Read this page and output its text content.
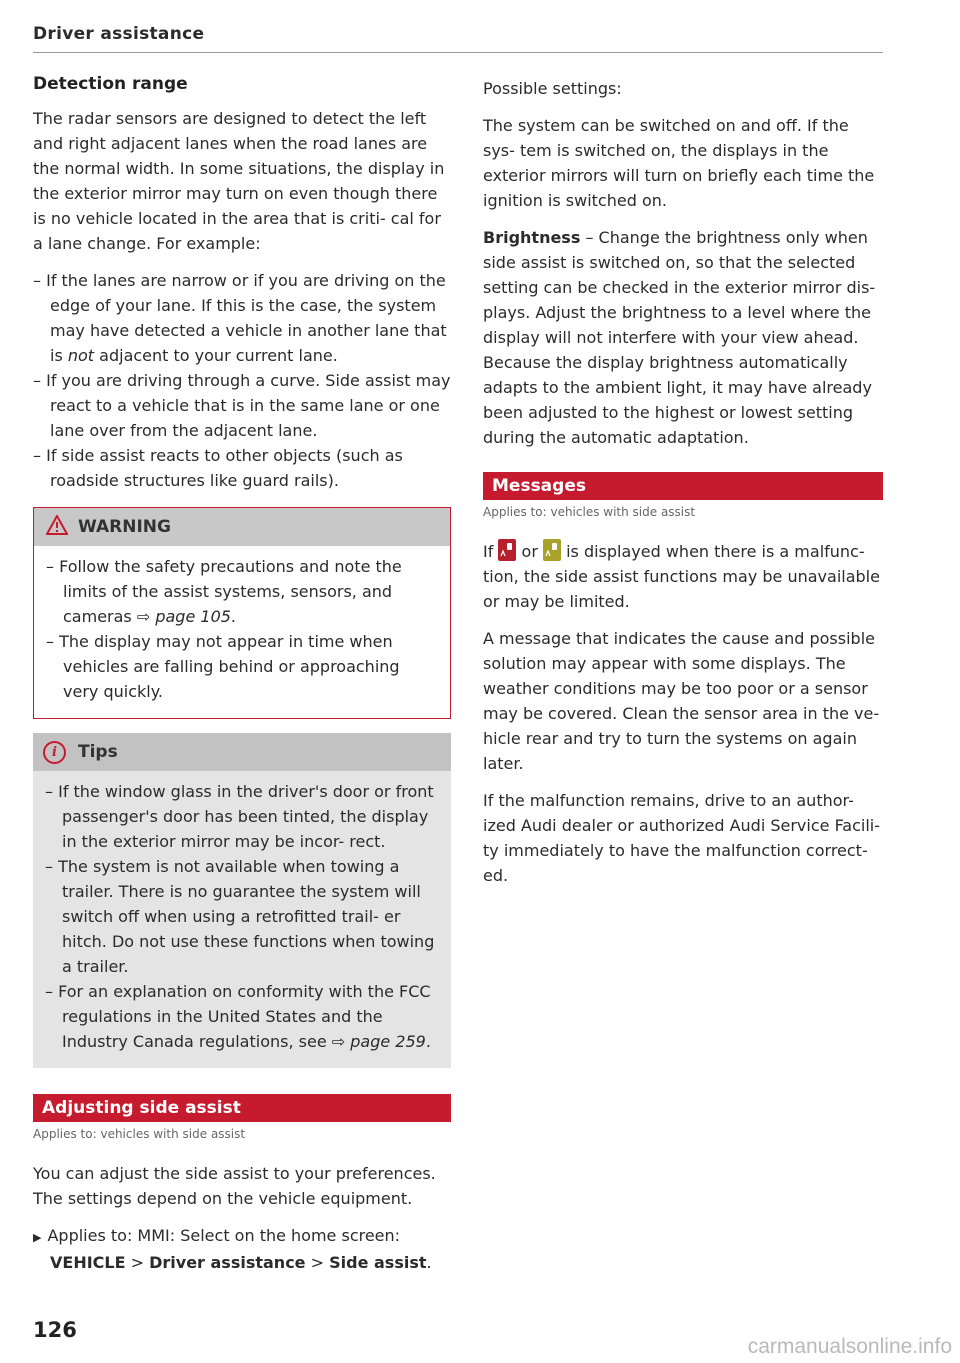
Driver assistance
Detection range

The radar sensors are designed to detect the left and right adjacent lanes when the road lanes are the normal width. In some situations, the display in the exterior mirror may turn on even though there is no vehicle located in the area that is criti- cal for a lane change. For example:

– If the lanes are narrow or if you are driving on the edge of your lane. If this is the case, the system may have detected a vehicle in another lane that is not adjacent to your current lane.
– If you are driving through a curve. Side assist may react to a vehicle that is in the same lane or one lane over from the adjacent lane.
– If side assist reacts to other objects (such as roadside structures like guard rails).
WARNING
– Follow the safety precautions and note the limits of the assist systems, sensors, and cameras ⇨ page 105.
– The display may not appear in time when vehicles are falling behind or approaching very quickly.
i	Tips
– If the window glass in the driver's door or front passenger's door has been tinted, the display in the exterior mirror may be incor- rect.
– The system is not available when towing a trailer. There is no guarantee the system will switch off when using a retrofitted trail- er hitch. Do not use these functions when towing a trailer.
– For an explanation on conformity with the FCC regulations in the United States and the Industry Canada regulations, see ⇨ page 259.
Adjusting side assist
Applies to: vehicles with side assist

You can adjust the side assist to your preferences. The settings depend on the vehicle equipment.

▶ Applies to: MMI: Select on the home screen:
VEHICLE > Driver assistance > Side assist.

Possible settings:

The system can be switched on and off. If the sys- tem is switched on, the displays in the exterior mirrors will turn on briefly each time the ignition is switched on.

Brightness – Change the brightness only when side assist is switched on, so that the selected setting can be checked in the exterior mirror dis- plays. Adjust the brightness to a level where the display will not interfere with your view ahead. Because the display brightness automatically adapts to the ambient light, it may have already been adjusted to the highest or lowest setting during the automatic adaptation.

Messages
Applies to: vehicles with side assist

If
or
is displayed when there is a malfunc- tion, the side assist functions may be unavailable or may be limited.

A message that indicates the cause and possible solution may appear with some displays. The weather conditions may be too poor or a sensor may be covered. Clean the sensor area in the ve- hicle rear and try to turn the systems on again later.

If the malfunction remains, drive to an author- ized Audi dealer or authorized Audi Service Facili- ty immediately to have the malfunction correct- ed.

126
carmanualsonline.info
